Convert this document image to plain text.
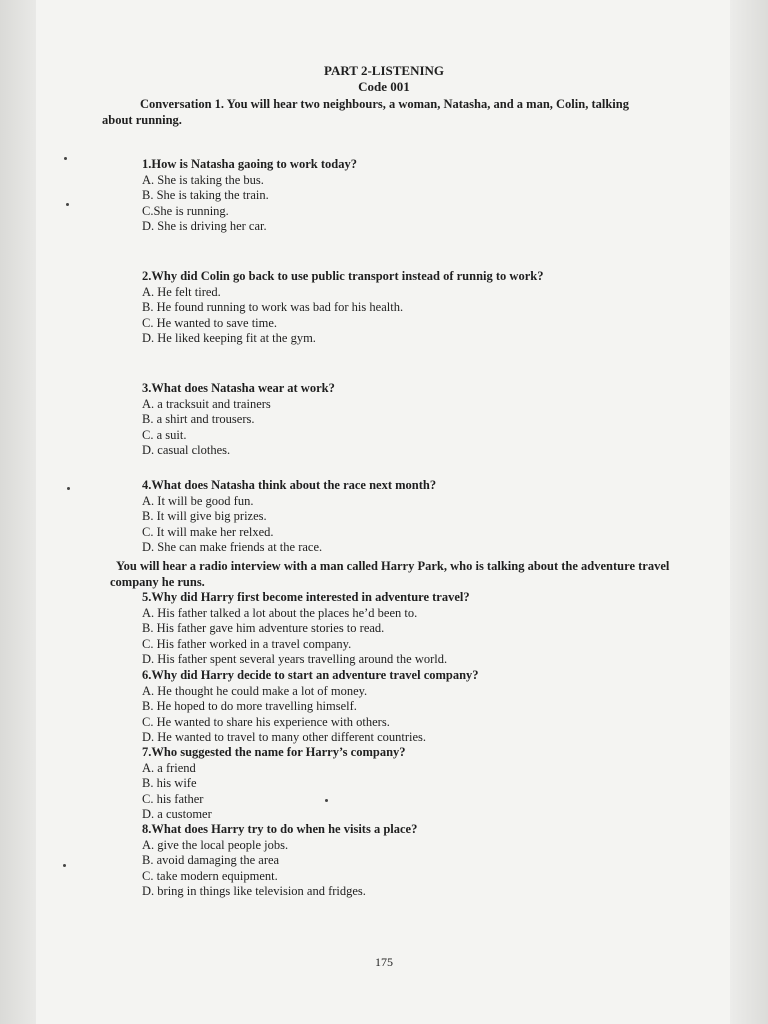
PART 2-LISTENING
Code 001
Conversation 1. You will hear two neighbours, a woman, Natasha, and a man, Colin, talking about running.
1.How is Natasha gaoing to work today?
A. She is taking the bus.
B. She is taking the train.
C.She is running.
D. She is driving her car.
2.Why did Colin go back to use public transport instead of runnig to work?
A. He felt tired.
B. He found running to work was bad for his health.
C. He wanted to save time.
D. He liked keeping fit at the gym.
3.What does Natasha wear at work?
A. a tracksuit and trainers
B. a shirt and trousers.
C. a suit.
D. casual clothes.
4.What does Natasha think about the race next month?
A. It will be good fun.
B. It will give big prizes.
C. It will make her relxed.
D. She can make friends at the race.
You will hear a radio interview with a man called Harry Park, who is talking about the adventure travel company he runs.
5.Why did Harry first become interested in adventure travel?
A. His father talked a lot about the places he’d been to.
B. His father gave him adventure stories to read.
C. His father worked in a travel company.
D. His father spent several years travelling around the world.
6.Why did Harry decide to start an adventure travel company?
A. He thought he could make a lot of money.
B. He hoped to do more travelling himself.
C. He wanted to share his experience with others.
D. He wanted to travel to many other different countries.
7.Who suggested the name for Harry’s company?
A. a friend
B. his wife
C. his father
D. a customer
8.What does Harry try to do when he visits a place?
A. give the local people jobs.
B. avoid damaging the area
C. take modern equipment.
D. bring in things like television and fridges.
175
